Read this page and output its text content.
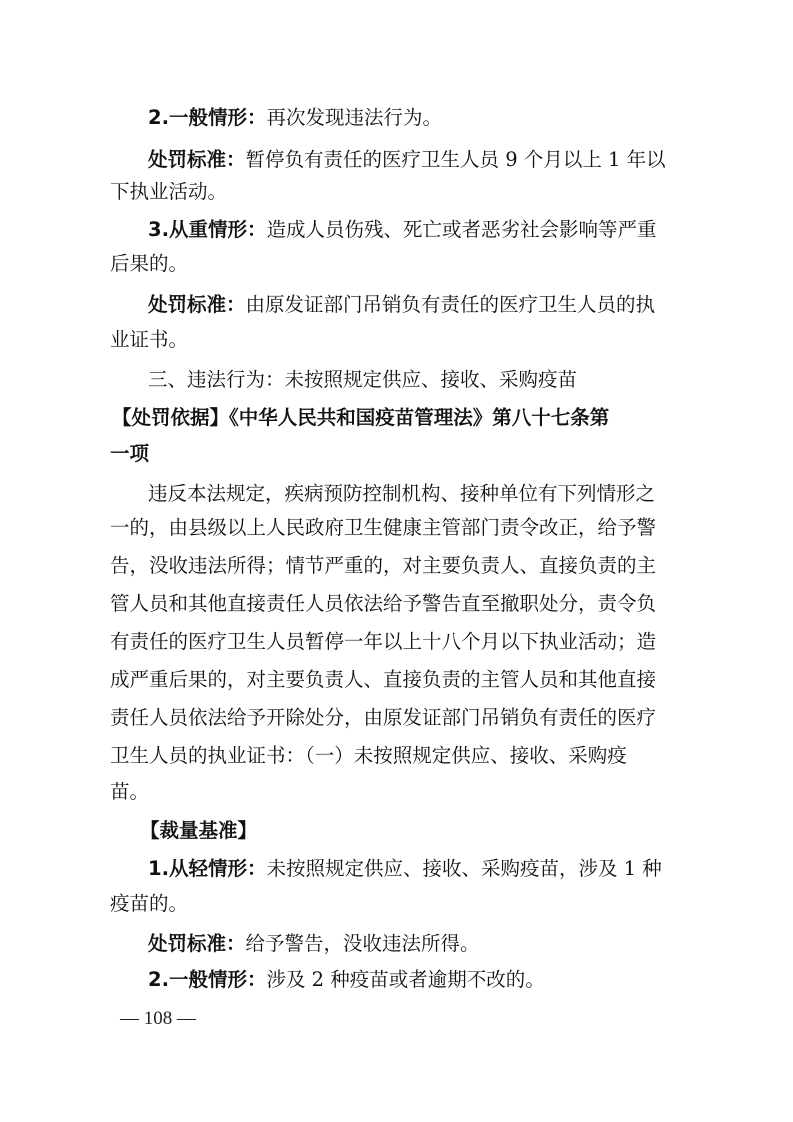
2.一般情形：再次发现违法行为。
处罚标准：暂停负有责任的医疗卫生人员 9 个月以上 1 年以
下执业活动。
3.从重情形：造成人员伤残、死亡或者恶劣社会影响等严重
后果的。
处罚标准：由原发证部门吊销负有责任的医疗卫生人员的执
业证书。
三、违法行为：未按照规定供应、接收、采购疫苗
【处罚依据】《中华人民共和国疫苗管理法》第八十七条第
一项
违反本法规定，疾病预防控制机构、接种单位有下列情形之
一的，由县级以上人民政府卫生健康主管部门责令改正，给予警
告，没收违法所得；情节严重的，对主要负责人、直接负责的主
管人员和其他直接责任人员依法给予警告直至撤职处分，责令负
有责任的医疗卫生人员暂停一年以上十八个月以下执业活动；造
成严重后果的，对主要负责人、直接负责的主管人员和其他直接
责任人员依法给予开除处分，由原发证部门吊销负有责任的医疗
卫生人员的执业证书：（一）未按照规定供应、接收、采购疫
苗。
【裁量基准】
1.从轻情形：未按照规定供应、接收、采购疫苗，涉及 1 种
疫苗的。
处罚标准：给予警告，没收违法所得。
2.一般情形：涉及 2 种疫苗或者逾期不改的。
— 108 —
